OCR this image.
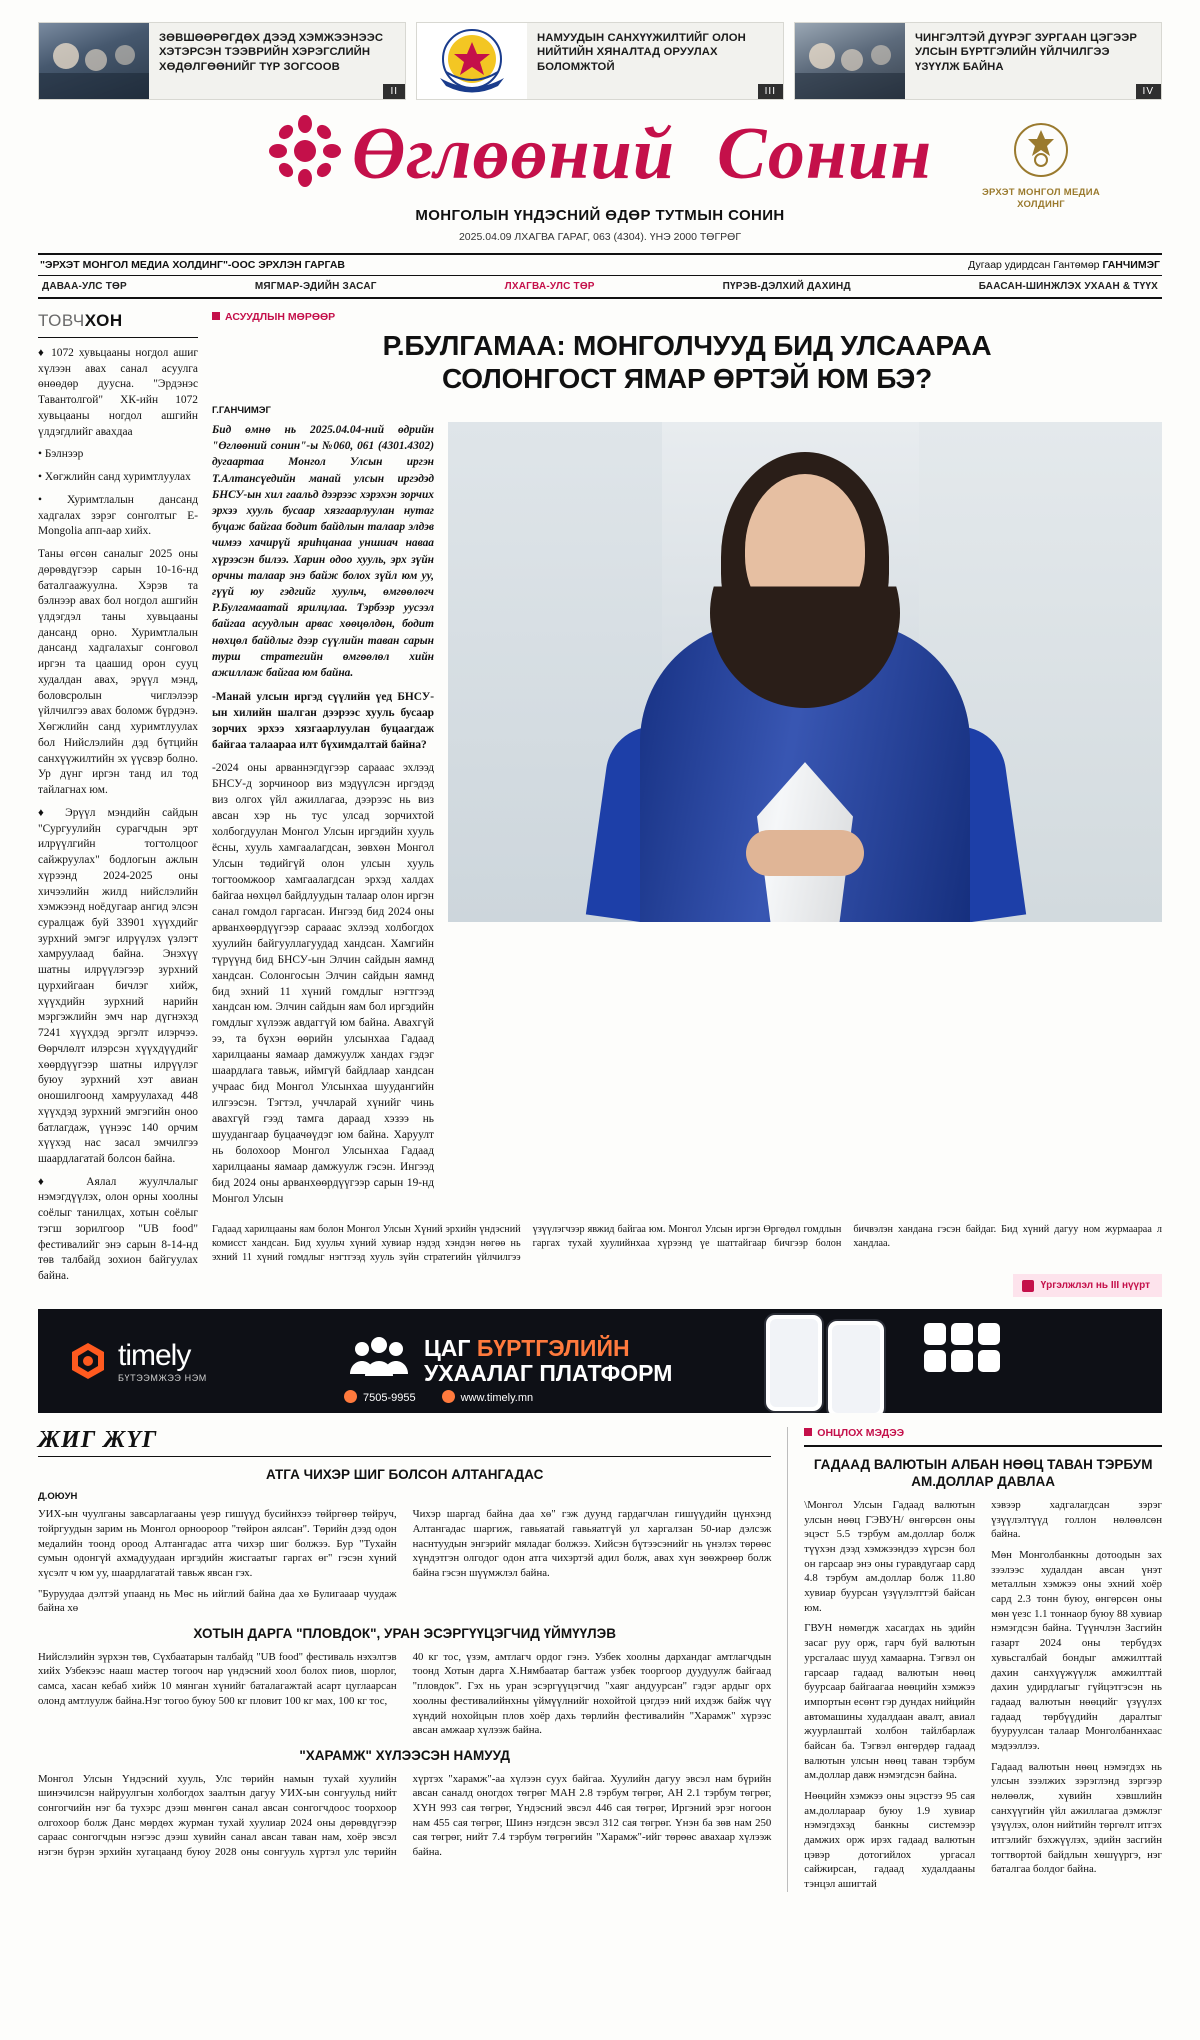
ЗӨВШӨӨРӨГДӨХ ДЭЭД ХЭМЖЭЭНЭЭС ХЭТЭРСЭН ТЭЭВРИЙН ХЭРЭГСЛИЙН ХӨДӨЛГӨӨНИЙГ ТҮР ЗОГСООВ
II
НАМУУДЫН САНХҮҮЖИЛТИЙГ ОЛОН НИЙТИЙН ХЯНАЛТАД ОРУУЛАХ БОЛОМЖТОЙ
III
ЧИНГЭЛТЭЙ ДҮҮРЭГ ЗУРГААН ЦЭГЭЭР УЛСЫН БҮРТГЭЛИЙН ҮЙЛЧИЛГЭЭ ҮЗҮҮЛЖ БАЙНА
IV
Өглөөний Сонин	ЭРХЭТ МОНГОЛ МЕДИА ХОЛДИНГ
МОНГОЛЫН ҮНДЭСНИЙ ӨДӨР ТУТМЫН СОНИН
2025.04.09 ЛХАГВА ГАРАГ, 063 (4304). ҮНЭ 2000 ТӨГРӨГ
"ЭРХЭТ МОНГОЛ МЕДИА ХОЛДИНГ"-ООС ЭРХЛЭН ГАРГАВ	Дугаар удирдсан Гантөмөр ГАНЧИМЭГ
ДАВАА-УЛС ТӨР	МЯГМАР-ЭДИЙН ЗАСАГ	ЛХАГВА-УЛС ТӨР	ПҮРЭВ-ДЭЛХИЙ ДАХИНД	БААСАН-ШИНЖЛЭХ УХААН & ТҮҮХ
ТОВЧХОН

♦ 1072 хувьцааны ногдол ашиг хүлээн авах санал асуулга өнөөдөр дуусна. "Эрдэнэс Тавантолгой" ХК-ийн 1072 хувьцааны ногдол ашгийн үлдэгдлийг авахдаа

• Бэлнээр

• Хөгжлийн санд хуримтлуулах

• Хуримтлалын дансанд хадгалах зэрэг сонголтыг Е-Mongolia апп-аар хийх.

Таны өгсөн саналыг 2025 оны дөрөвдүгээр сарын 10-16-нд баталгаажуулна. Хэрэв та бэлнээр авах бол ногдол ашгийн үлдэгдэл таны хувьцааны дансанд орно. Хуримтлалын дансанд хадгалахыг сонговол иргэн та цаашид орон сууц худалдан авах, эрүүл мэнд, боловсролын чиглэлээр үйлчилгээ авах боломж бүрдэнэ. Хөгжлийн санд хуримтлуулах бол Нийслэлийн дэд бүтцийн санхүүжилтийн эх үүсвэр болно. Ур дүнг иргэн танд ил тод тайлагнах юм.

♦ Эрүүл мэндийн сайдын "Сургуулийн сурагчдын эрт илрүүлгийн тогтолцоог сайжруулах" бодлогын ажлын хүрээнд 2024-2025 оны хичээлийн жилд нийслэлийн хэмжээнд ноёдугаар ангид элсэн суралцаж буй 33901 хүүхдийг зурхний эмгэг илрүүлэх үзлэгт хамруулаад байна. Энэхүү шатны илрүүлэгээр зурхний цурхийгаан бичлэг хийж, хүүхдийн зурхний нарийн мэргэжлийн эмч нар дүгнэхэд 7241 хүүхдэд эргэлт илэрчээ. Өөрчлөлт илэрсэн хүүхдүүдийг хөөрдүүгээр шатны илрүүлэг буюу зурхний хэт авиан оношилгоонд хамруулахад 448 хүүхдэд зурхний эмгэгийн оноо батлагдаж, үүнээс 140 орчим хүүхэд нас засал эмчилгээ шаардлагатай болсон байна.

♦ Аялал жуулчлалыг нэмэгдүүлэх, олон орны хоолны соёлыг танилцах, хотын соёлыг тэгш зорилгоор "UB food" фестивалийг энэ сарын 8-14-нд төв талбайд зохион байгуулах байна.

АСУУДЛЫН МӨРӨӨР
Р.БУЛГАМАА: МОНГОЛЧУУД БИД УЛСААРАА
СОЛОНГОСТ ЯМАР ӨРТЭЙ ЮМ БЭ?
Г.ГАНЧИМЭГ

Бид өмнө нь 2025.04.04-ний өдрийн "Өглөөний сонин"-ы №060, 061 (4301.4302) дугаартаа Монгол Улсын иргэн Т.Алтансүедийн манай улсын иргэдэд БНСУ-ын хил гаальд дээрээс хэрэхэн зорчих эрхээ хууль бусаар хязгаарлуулан нутаг буцаж байгаа бодит байдлын талаар элдэв чимээ хачирүй яриһцанаа уншиач наваа хүрээсэн билээ. Харин одоо хууль, эрх зүйн орчны талаар энэ байж болох зүйл юм уу, гүүй юу гэдгийг хуульч, өмгөөлөгч Р.Булгамаатай ярилцлаа. Тэрбээр уусээл байгаа асуудлын арвас хөөцөлдөн, бодит нөхцөл байдлыг дээр сүүлийн таван сарын турш стратегийн өмгөөлөл хийн ажиллаж байгаа юм байна.

-Манай улсын иргэд сүүлийн үед БНСУ-ын хилийн шалган дээрээс хууль бусаар зорчих эрхээ хязгаарлуулан буцаагдаж байгаа талаараа илт бүхимдалтай байна?

-2024 оны арваннэгдүгээр сарааас эхлээд БНСУ-д зорчиноор виз мэдүүлсэн иргэдэд виз олгох үйл ажиллагаа, дээрээс нь виз авсан хэр нь тус улсад зорчихтой холбогдуулан Монгол Улсын иргэдийн хууль ёсны, хууль хамгаалагдсан, зөвхөн Монгол Улсын төдийгүй олон улсын хууль тогтоомжоор хамгаалагдсан эрхэд халдах байгаа нөхцөл байдлуудын талаар олон иргэн санал гомдол гаргасан. Ингээд бид 2024 оны арванхөөрдүүгээр сарааас эхлээд холбогдох хуулийн байгууллагуудад хандсан. Хамгийн түрүүнд бид БНСУ-ын Элчин сайдын яамнд хандсан. Солонгосын Элчин сайдын яамнд бид эхний 11 хүний гомдлыг нэгтгээд хандсан юм. Элчин сайдын яам бол иргэдийн гомдлыг хүлээж авдаггүй юм байна. Авахгүй ээ, та бүхэн өөрийн улсынхаа Гадаад харилцааны яамаар дамжуулж хандах гэдэг шаардлага тавьж, иймгүй байдлаар хандсан учраас бид Монгол Улсынхаа шуудангийн илгээсэн. Тэгтэл, уччларай хүнийг чинь авахгүй гээд тамга дараад хэзээ нь шуудангаар буцаачөүдэг юм байна. Харуулт нь болохоор Монгол Улсынхаа Гадаад харилцааны яамаар дамжуулж гэсэн. Ингээд бид 2024 оны арванхөөрдүүгээр сарын 19-нд Монгол Улсын

Гадаад харилцааны яам болон Монгол Улсын Хүний эрхийн үндэсний комисст хандсан. Бид хуульч хүний хувиар нэдэд хэндэн нөгөө нь эхний 11 хүний гомдлыг нэгтгээд хууль зүйн стратегийн үйлчилгээ үзүүлэгчээр явжид байгаа юм. Монгол Улсын иргэн Өргөдөл гомдлын гаргах тухай хуулийнхаа хүрээнд үе шаттайгаар бичгээр болон бичвэлэн хандана гэсэн байдаг. Бид хүний дагуу ном журмаараа л хандлаа.
Үргэлжлэл нь III нүүрт
timely
БҮТЭЭМЖЭЭ НЭМ
ЦАГ БҮРТГЭЛИЙН
УХААЛАГ ПЛАТФОРМ
7505-9955	www.timely.mn
ЖИГ ЖҮГ
АТГА ЧИХЭР ШИГ БОЛСОН АЛТАНГАДАС
Д.ОЮУН

УИХ-ын чуулганы завсарлагааны үеэр гишүүд бусийнхээ төйргөөр төйруч, тойргуудын зарим нь Монгол орноороор "төйрон аялсан". Төрийн дээд одон медалийн тоонд ороод Алтангадас атга чихэр шиг болжээ. Бур "Тухайн сумын одонгүй ахмадуудаан иргэдийн жисгаатыг гаргах өг" гэсэн хүний хүсэлт ч юм уу, шаардлагатай тавьж явсан гэх.

"Буруудаа дэлтэй упаанд нь Мөс нь ийглий байна даа хө Булигааар чуудаж байна хө

Чихэр шаргад байна даа хө" гэж дуунд гардагчлан гишүүдийн цүнхэнд Алтангадас шаргиж, гавьяатай гавьяатгүй ул харгалзан 50-иар дэлсэж наснтуудын энгэрийг мяладаг болжээ. Хийсэн бүтээсэнийг нь үнэлэх төрөөс хүндэтгэн олгодог одон атга чихэртэй адил болж, авах хүн зөөжрөөр болж байна гэсэн шүүмжлэл байна.

ХОТЫН ДАРГА "ПЛОВДОК", УРАН ЭСЭРГҮҮЦЭГЧИД ҮЙМҮҮЛЭВ

Нийслэлийн зүрхэн төв, Сүхбаатарын талбайд "UB food" фестиваль нэхэлтэв хийх Узбекээс нааш мастер тогооч нар үндэсний хоол болох пиов, шорлог, самса, хасан кебаб хийж 10 мянган хүнийг баталагажтай асарт цуглаарсан олонд амтлуулж байна.Нэг тогоо буюу 500 кг пловит 100 кг мах, 100 кг тос,

40 кг тос, үзэм, амтлагч ордог гэнэ. Узбек хоолны дархандаг амтлагчдын тоонд Хотын дарга Х.Нямбаатар багтаж узбек тооргоор дуудуулж байгаад "пловдок". Гэх нь уран эсэргүүцэгчид "хаяг андуурсан" гэдэг ардыг орх хоолны фестивалийнхны үймүүлнийг нохойтой цэгдээ ний ихдэж байж чүү хүндий нохойцын плов хоёр дахь төрлийн фестивалийн "Харамж" хүрээс авсан амжаар хүлээж байна.

"ХАРАМЖ" ХҮЛЭЭСЭН НАМУУД

Монгол Улсын Үндэсний хууль, Улс төрийн намын тухай хуулийн шинэчилсэн найруулгын холбогдох заалтын дагуу УИХ-ын сонгуульд нийт сонгогчийн нэг ба тухэрс дээш мөнгөн санал авсан сонгогчдоос тоорхоор олгохоор болж Данс мөрдөх журман тухай хуулиар 2024 оны дөрөвдүгээр сараас сонгогчдын нэгээс дээш хувийн санал авсан таван нам, хоёр эвсэл нэгэн бүрэн эрхийн хугацаанд буюу 2028 оны сонгууль хүртэл улс төрийн хүртэх "харамж"-аа хүлээн суух байгаа. Хуулийн дагуу эвсэл нам бүрийн авсан саналд оногдох төгрөг МАН 2.8 тэрбум төгрөг, АН 2.1 тэрбум төгрөг, ХҮН 993 сая төгрөг, Үндэсний эвсэл 446 сая төгрөг, Иргэний эрэг ногоон нам 455 сая төгрөг, Шинэ нэгдсэн эвсэл 312 сая төгрөг. Үнэн ба зөв нам 250 сая төгрөг, нийт 7.4 тэрбум төгрөгийн "Харамж"-ийг төрөөс авахаар хүлээж байна.

ОНЦЛОХ МЭДЭЭ
ГАДААД ВАЛЮТЫН АЛБАН НӨӨЦ ТАВАН ТЭРБУМ АМ.ДОЛЛАР ДАВЛАА

\Монгол Улсын Гадаад валютын улсын нөөц ГЭВУН/ өнгөрсөн оны эцэст 5.5 тэрбум ам.доллар болж түүхэн дээд хэмжээндээ хүрсэн бол он гарсаар энэ оны гуравдугаар сард 4.8 тэрбум ам.доллар болж 11.80 хувиар буурсан үзүүлэлттэй байсан юм.

ГВУН нөмөгдж хасагдах нь эдийн засаг руу орж, гарч буй валютын урсгалаас шууд хамаарна. Тэгвэл он гарсаар гадаад валютын нөөц буурсаар байгаагаа нөөцийн хэмжээ импортын есөнт гэр дундах нийцийн автомашины худалдаан авалт, авиал жуурлаштай холбон тайлбарлаж байсан ба. Тэгвэл өнгөрдөр гадаад валютын улсын нөөц таван тэрбум ам.доллар давж нэмэгдсэн байна.

Нөөцийн хэмжээ оны эцэстээ 95 сая ам.доллараар буюу 1.9 хувиар нэмэгдэхэд банкны системээр дамжих орж ирэх гадаад валютын цэвэр дотогийлох ургасал сайжирсан, гадаад худалдааны тэнцэл ашигтай

хэвээр хадгалагдсан зэрэг үзүүлэлтүүд голлон нөлөөлсөн байна.

Мөн Монголбанкны дотоодын зах зээлээс худалдан авсан үнэт металлын хэмжээ оны эхний хоёр сард 2.3 тонн буюу, өнгөрсөн оны мөн үезс 1.1 тоннаор буюу 88 хувиар нэмэгдсэн байна. Түүнчлэн Засгийн газарт 2024 оны тербүдэх хувьсгалбай бондыг амжилттай дахин санхүүжүүлж амжилттай дахин удирдлагыг гүйцэтгэсэн нь гадаад валютын нөөцийг үзүүлэх гадаад төрбүүдийн даралтыг бууруулсан талаар Монголбаннхаас мэдээллээ.

Гадаад валютын нөөц нэмэгдэх нь улсын зээлжих зэрэглэнд зэргээр нөлөөлж, хүвийн хэвшлийн санхүүгийн үйл ажиллагаа дэмжлэг үзүүлэх, олон нийтийн төргөлт итгэх итгэлийг бэхжүүлэх, эдийн засгийн тогтвортой байдлын хөшүүргэ, нэг баталгаа болдог байна.
